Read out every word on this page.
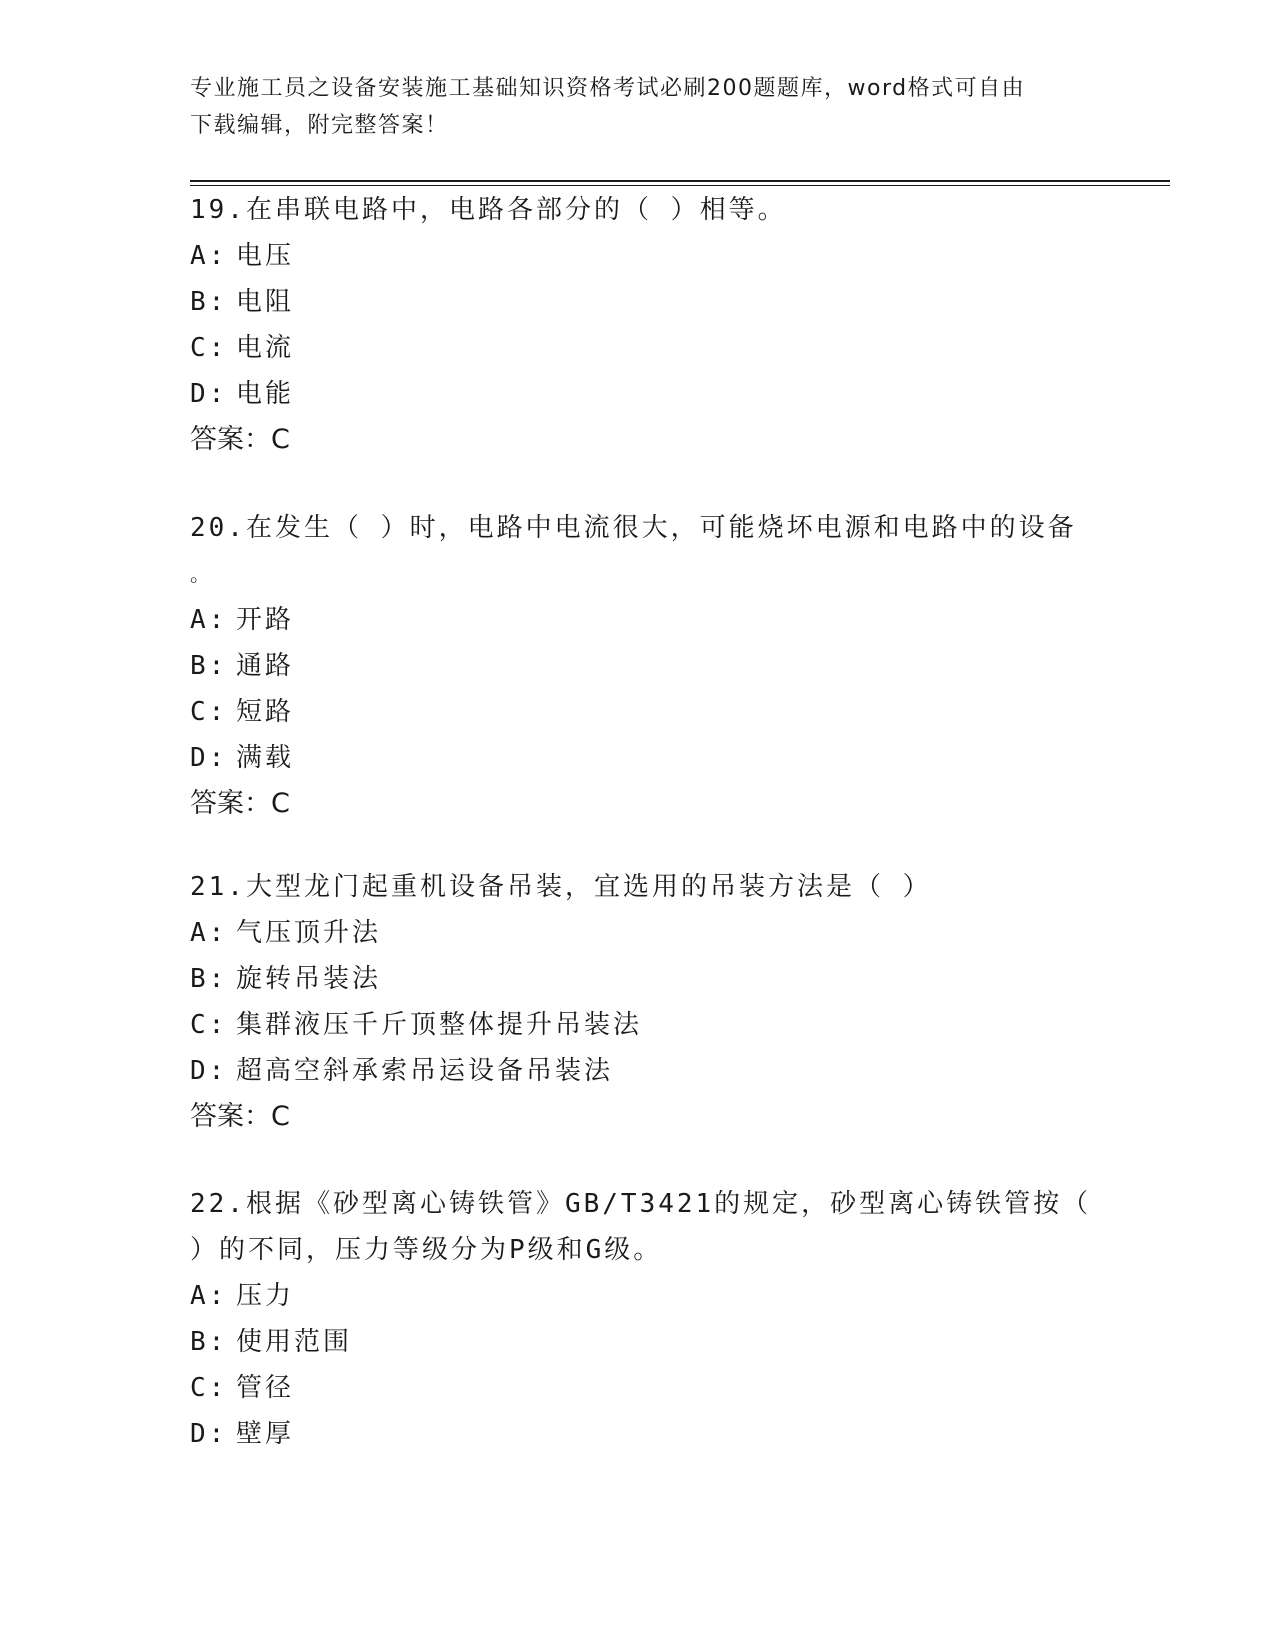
专业施工员之设备安装施工基础知识资格考试必刷200题题库，word格式可自由
下载编辑，附完整答案！
19.在串联电路中，电路各部分的（ ）相等。
A: 电压
B: 电阻
C: 电流
D: 电能
答案：C
20.在发生（ ）时，电路中电流很大，可能烧坏电源和电路中的设备
。
A: 开路
B: 通路
C: 短路
D: 满载
答案：C
21.大型龙门起重机设备吊装，宜选用的吊装方法是（ ）
A: 气压顶升法
B: 旋转吊装法
C: 集群液压千斤顶整体提升吊装法
D: 超高空斜承索吊运设备吊装法
答案：C
22.根据《砂型离心铸铁管》GB/T3421的规定，砂型离心铸铁管按（
）的不同，压力等级分为P级和G级。
A: 压力
B: 使用范围
C: 管径
D: 壁厚
